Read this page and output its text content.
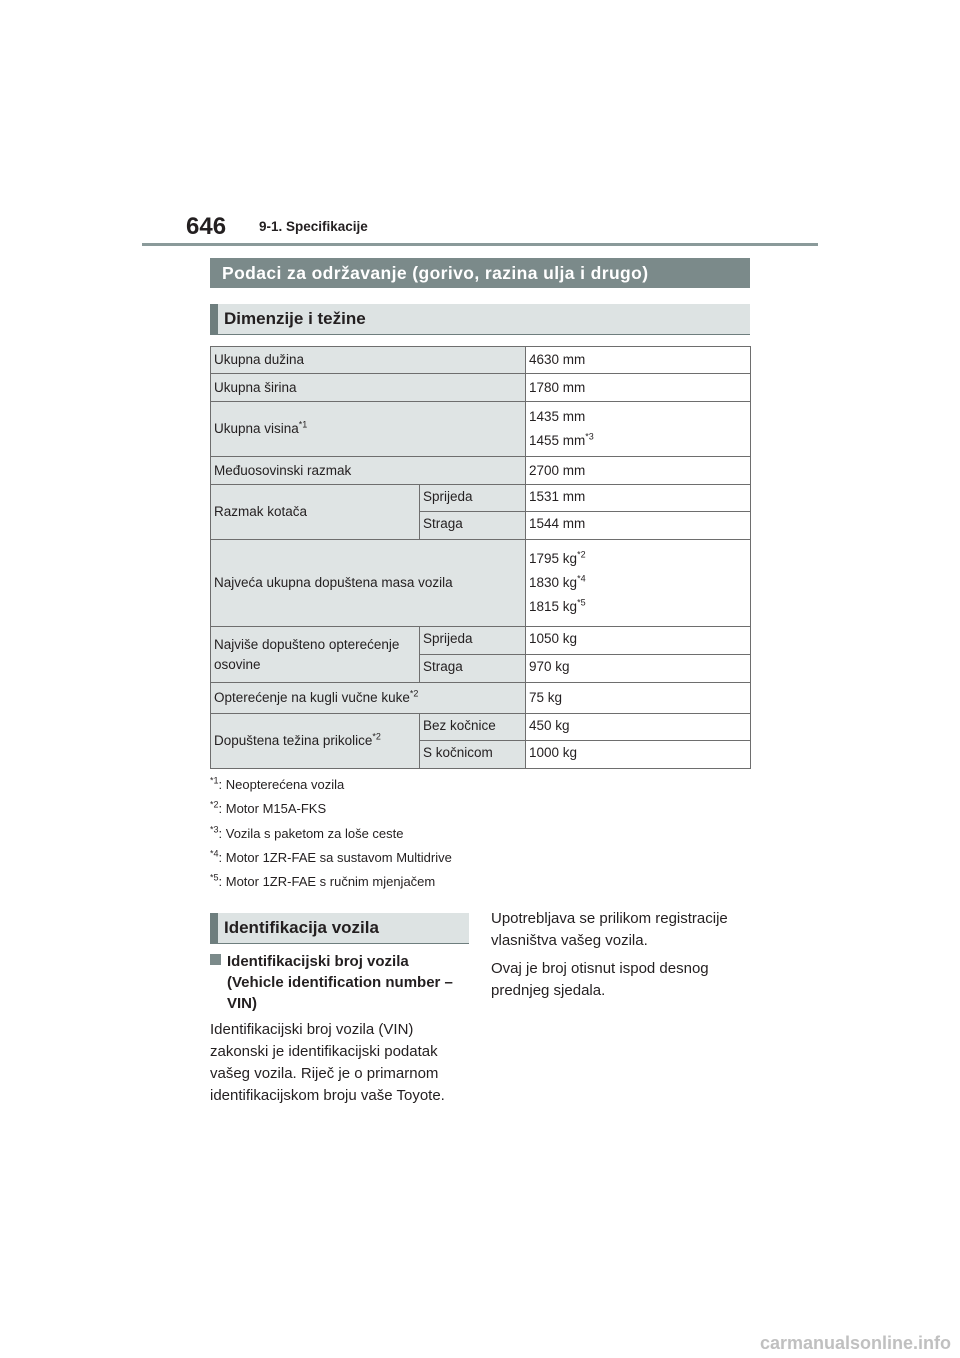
646 9-1. Specifikacije
Podaci za održavanje (gorivo, razina ulja i drugo)
Dimenzije i težine
Ukupna dužina		4630 mm
Ukupna širina		1780 mm
Ukupna visina$^{*1}$		1435 mm
1455 $mm^{*3}$

Međuosovinski razmak		2700 mm
Razmak kotača	Sprijeda	1531 mm
	Straga	1544 mm
Najveća ukupna dopuštena masa vozila		1795 $kg^{*2}$
1830 $kg^{*4}$
1815 $kg^{*5}$

Najviše dopušteno opterećenje osovine	Sprijeda	1050 kg
	Straga	970 kg
Opterećenje na kugli vučne kuke$^{*2}$		75 kg
Dopuštena težina prikolice$^{*2}$	Bez kočnice	450 kg
	S kočnicom	1000 kg
$^{*1}$: Neopterećena vozila
$^{*2}$: Motor M15A-FKS
$^{*3}$: Vozila s paketom za loše ceste
$^{*4}$: Motor 1ZR-FAE sa sustavom Multidrive
$^{*5}$: Motor 1ZR-FAE s ručnim mjenjačem
Identifikacija vozila
Identifikacijski broj vozila (Vehicle identification number – VIN)

Identifikacijski broj vozila (VIN) zakonski je identifikacijski podatak vašeg vozila. Riječ je o primarnom identifikacijskom broju vaše Toyote.

Upotrebljava se prilikom registracije vlasništva vašeg vozila.

Ovaj je broj otisnut ispod desnog prednjeg sjedala.

carmanualsonline.info
